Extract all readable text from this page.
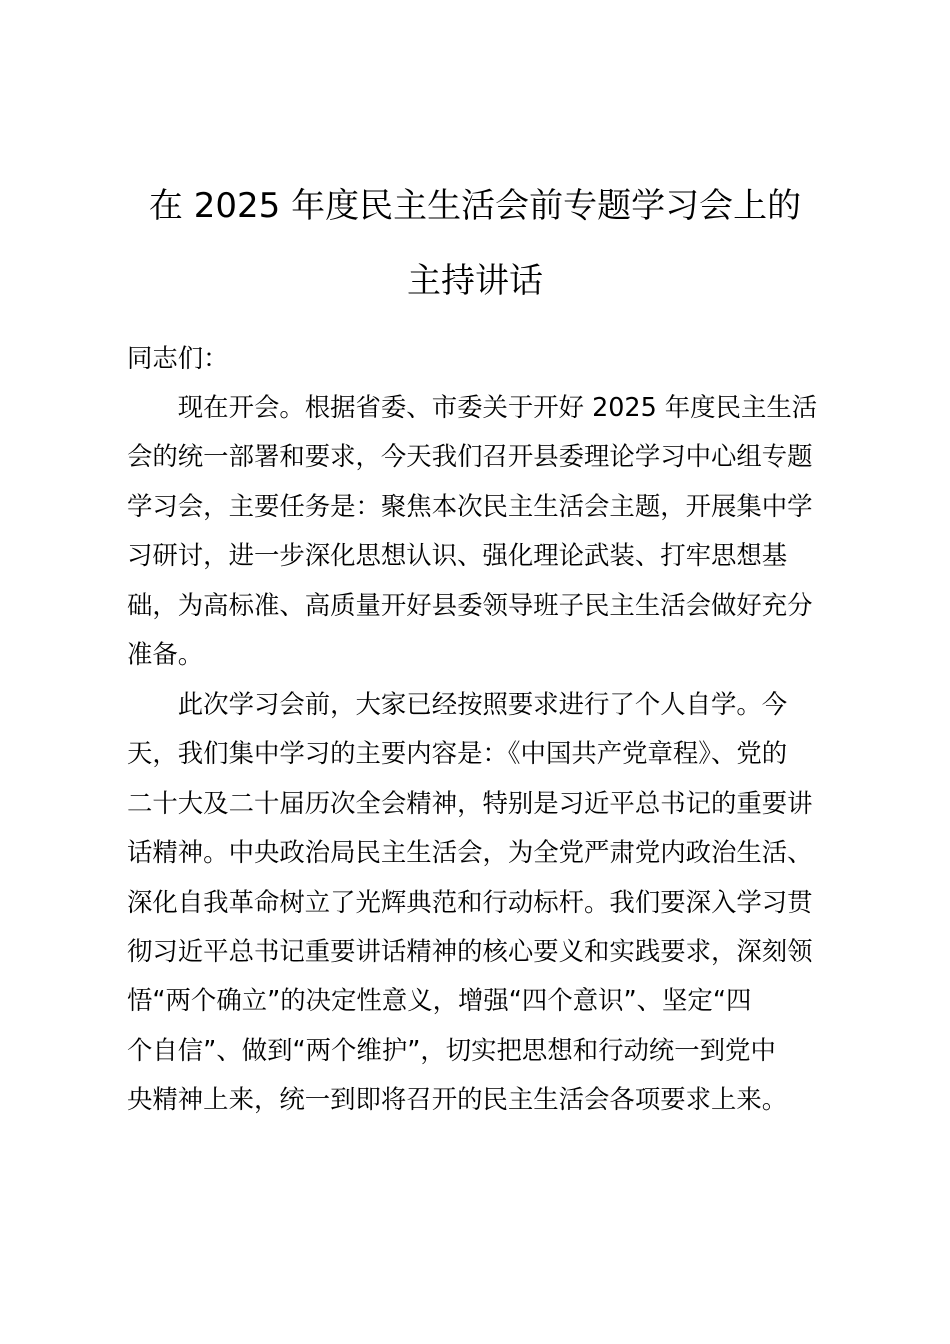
在 2025 年度民主生活会前专题学习会上的
主持讲话
同志们：
　　现在开会。根据省委、市委关于开好 2025 年度民主生活
会的统一部署和要求，今天我们召开县委理论学习中心组专题
学习会，主要任务是：聚焦本次民主生活会主题，开展集中学
习研讨，进一步深化思想认识、强化理论武装、打牢思想基
础，为高标准、高质量开好县委领导班子民主生活会做好充分
准备。
　　此次学习会前，大家已经按照要求进行了个人自学。今
天，我们集中学习的主要内容是：《中国共产党章程》、党的
二十大及二十届历次全会精神，特别是习近平总书记的重要讲
话精神。中央政治局民主生活会，为全党严肃党内政治生活、
深化自我革命树立了光辉典范和行动标杆。我们要深入学习贯
彻习近平总书记重要讲话精神的核心要义和实践要求，深刻领
悟“两个确立”的决定性意义，增强“四个意识”、坚定“四
个自信”、做到“两个维护”，切实把思想和行动统一到党中
央精神上来，统一到即将召开的民主生活会各项要求上来。
